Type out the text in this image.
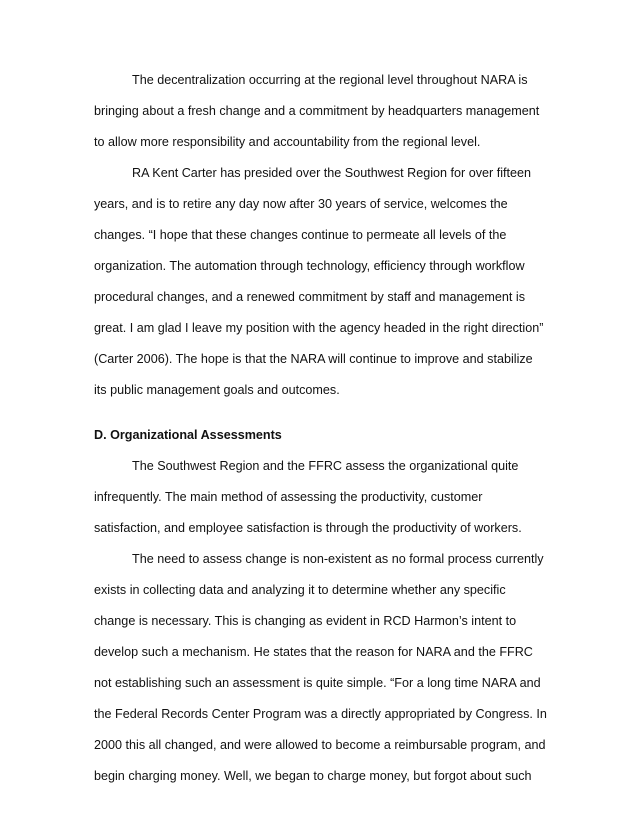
The decentralization occurring at the regional level throughout NARA is
bringing about a fresh change and a commitment by headquarters management
to allow more responsibility and accountability from the regional level.
RA Kent Carter has presided over the Southwest Region for over fifteen
years, and is to retire any day now after 30 years of service, welcomes the
changes. “I hope that these changes continue to permeate all levels of the
organization. The automation through technology, efficiency through workflow
procedural changes, and a renewed commitment by staff and management is
great. I am glad I leave my position with the agency headed in the right direction”
(Carter 2006). The hope is that the NARA will continue to improve and stabilize
its public management goals and outcomes.
D. Organizational Assessments
The Southwest Region and the FFRC assess the organizational quite
infrequently. The main method of assessing the productivity, customer
satisfaction, and employee satisfaction is through the productivity of workers.
The need to assess change is non-existent as no formal process currently
exists in collecting data and analyzing it to determine whether any specific
change is necessary. This is changing as evident in RCD Harmon’s intent to
develop such a mechanism. He states that the reason for NARA and the FFRC
not establishing such an assessment is quite simple. “For a long time NARA and
the Federal Records Center Program was a directly appropriated by Congress. In
2000 this all changed, and were allowed to become a reimbursable program, and
begin charging money. Well, we began to charge money, but forgot about such
